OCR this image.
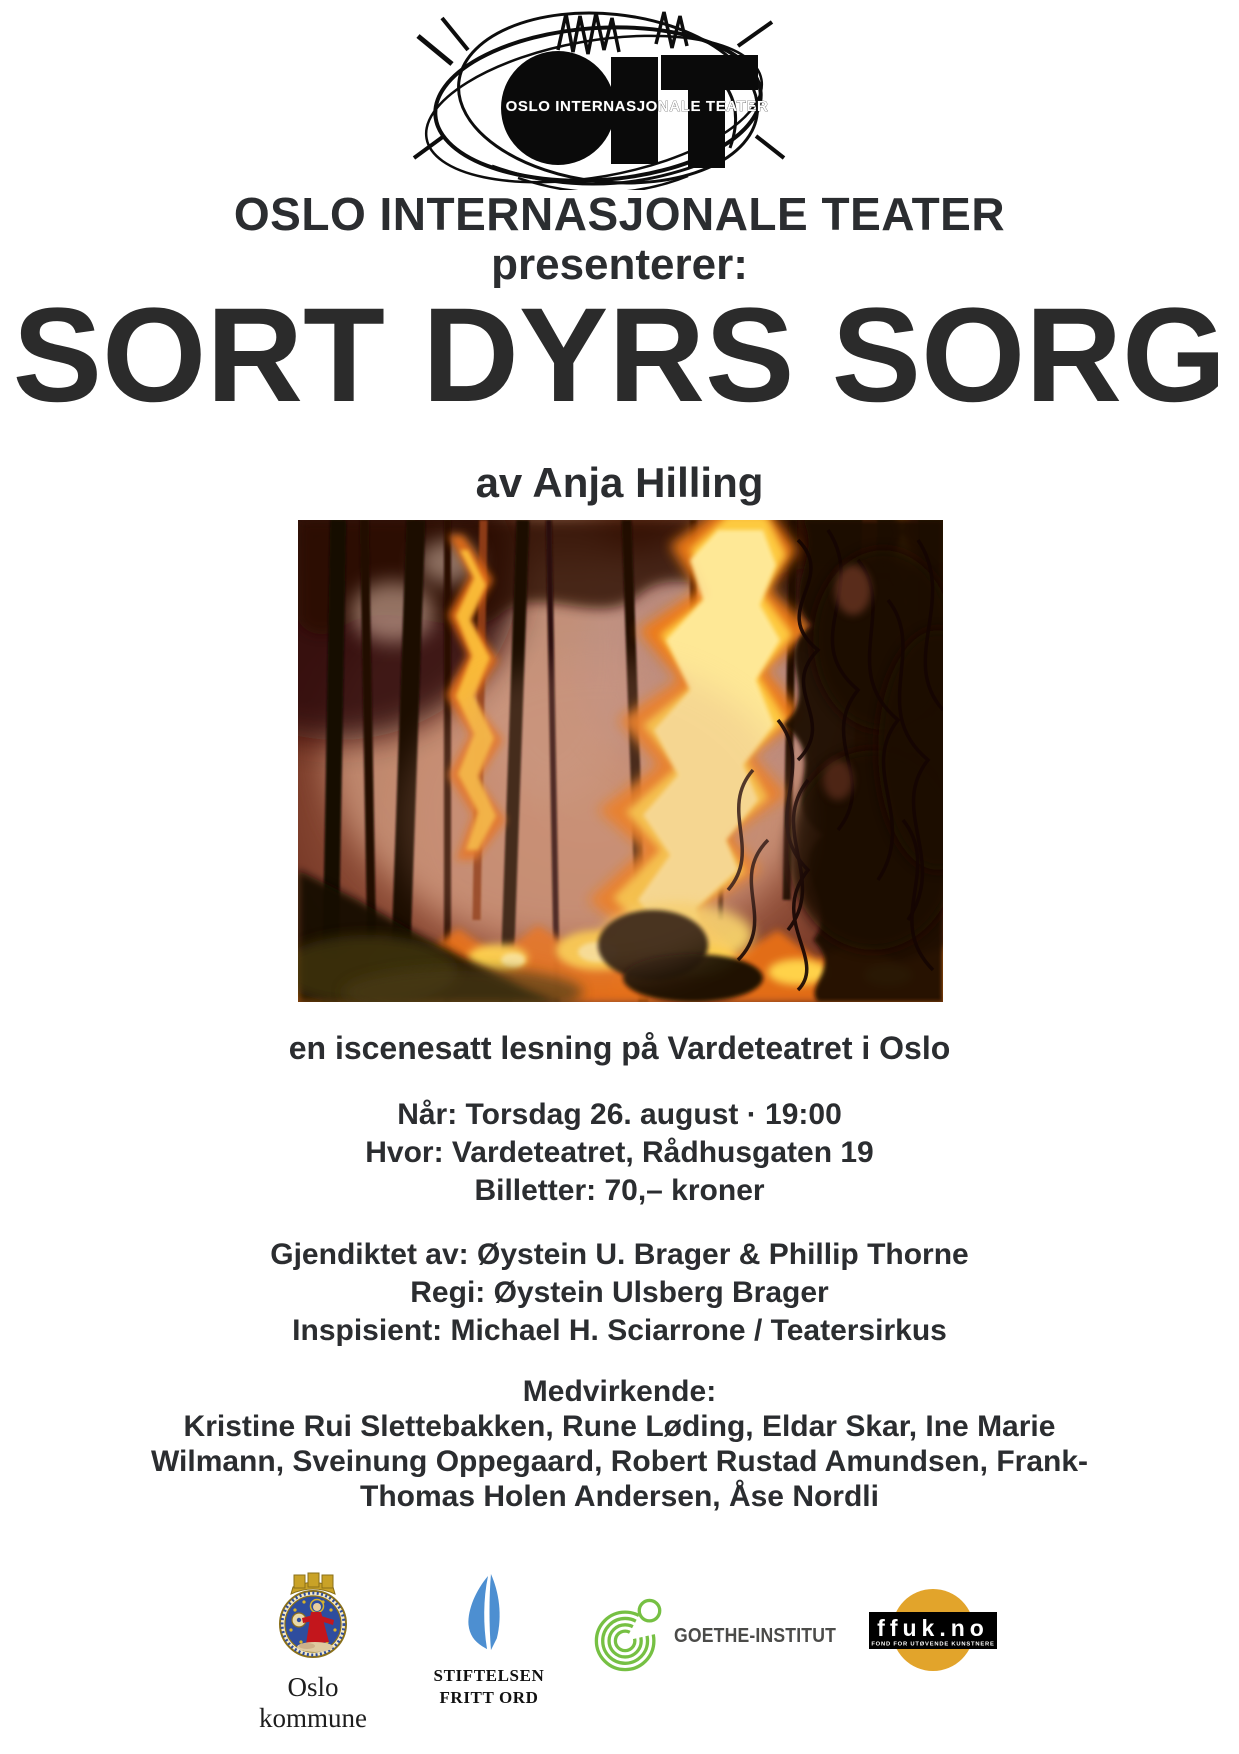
OSLO INTERNASJONALE TEATER
OSLO INTERNASJONALE TEATER
presenterer:
SORT DYRS SORG
av Anja Hilling
en iscenesatt lesning på Vardeteatret i Oslo
Når: Torsdag 26. august · 19:00
Hvor: Vardeteatret, Rådhusgaten 19
Billetter: 70,– kroner
Gjendiktet av: Øystein U. Brager & Phillip Thorne
Regi: Øystein Ulsberg Brager
Inspisient: Michael H. Sciarrone / Teatersirkus
Medvirkende:
Kristine Rui Slettebakken, Rune Løding, Eldar Skar, Ine Marie
Wilmann, Sveinung Oppegaard, Robert Rustad Amundsen, Frank-
Thomas Holen Andersen, Åse Nordli
Oslo kommune
STIFTELSEN
FRITT ORD
GOETHE-INSTITUT ffuk.no
[ FOND FOR UTØVENDE KUNSTNERE ]
